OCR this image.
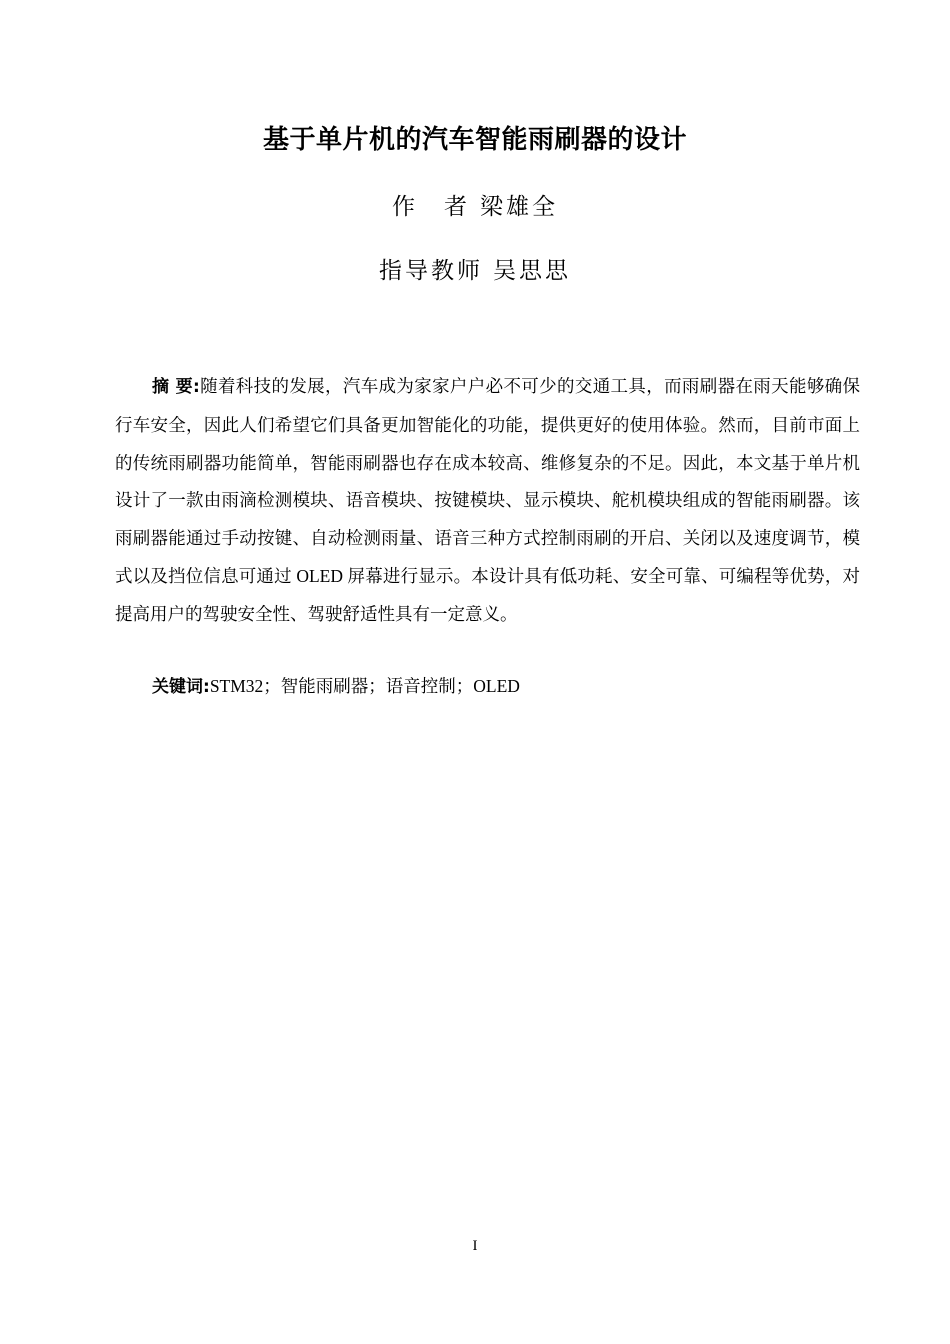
基于单片机的汽车智能雨刷器的设计
作　者 梁雄全
指导教师 吴思思

摘 要:随着科技的发展，汽车成为家家户户必不可少的交通工具，而雨刷器在雨天能够确保行车安全，因此人们希望它们具备更加智能化的功能，提供更好的使用体验。然而，目前市面上的传统雨刷器功能简单，智能雨刷器也存在成本较高、维修复杂的不足。因此，本文基于单片机设计了一款由雨滴检测模块、语音模块、按键模块、显示模块、舵机模块组成的智能雨刷器。该雨刷器能通过手动按键、自动检测雨量、语音三种方式控制雨刷的开启、关闭以及速度调节，模式以及挡位信息可通过 OLED 屏幕进行显示。本设计具有低功耗、安全可靠、可编程等优势，对提高用户的驾驶安全性、驾驶舒适性具有一定意义。

关键词:STM32；智能雨刷器；语音控制；OLED

I
